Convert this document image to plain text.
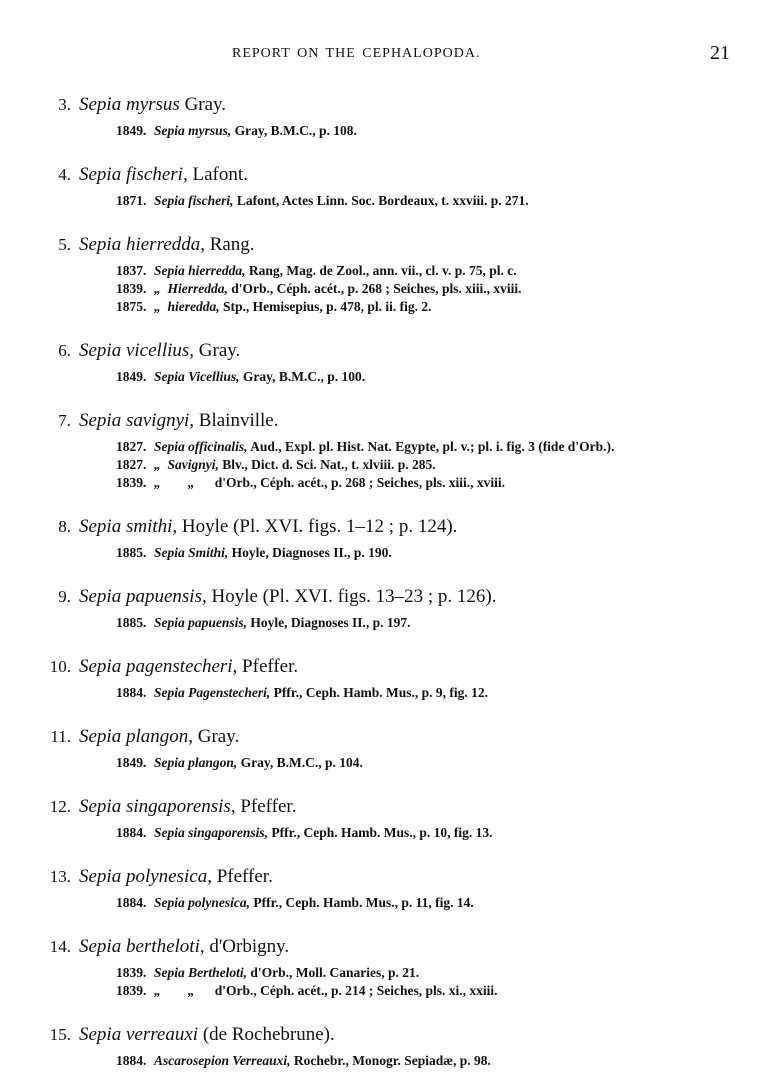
REPORT ON THE CEPHALOPODA.	21
3. Sepia myrsus Gray.
1849. Sepia myrsus, Gray, B.M.C., p. 108.
4. Sepia fischeri, Lafont.
1871. Sepia fischeri, Lafont, Actes Linn. Soc. Bordeaux, t. xxviii. p. 271.
5. Sepia hierredda, Rang.
1837. Sepia hierredda, Rang, Mag. de Zool., ann. vii., cl. v. p. 75, pl. c.
1839. „  Hierredda, d'Orb., Céph. acét., p. 268 ; Seiches, pls. xiii., xviii.
1875. „  hieredda, Stp., Hemisepius, p. 478, pl. ii. fig. 2.
6. Sepia vicellius, Gray.
1849. Sepia Vicellius, Gray, B.M.C., p. 100.
7. Sepia savignyi, Blainville.
1827. Sepia officinalis, Aud., Expl. pl. Hist. Nat. Egypte, pl. v.; pl. i. fig. 3 (fide d'Orb.).
1827. „  Savignyi, Blv., Dict. d. Sci. Nat., t. xlviii. p. 285.
1839. „        „      d'Orb., Céph. acét., p. 268 ; Seiches, pls. xiii., xviii.
8. Sepia smithi, Hoyle (Pl. XVI. figs. 1–12 ; p. 124).
1885. Sepia Smithi, Hoyle, Diagnoses II., p. 190.
9. Sepia papuensis, Hoyle (Pl. XVI. figs. 13–23 ; p. 126).
1885. Sepia papuensis, Hoyle, Diagnoses II., p. 197.
10. Sepia pagenstecheri, Pfeffer.
1884. Sepia Pagenstecheri, Pffr., Ceph. Hamb. Mus., p. 9, fig. 12.
11. Sepia plangon, Gray.
1849. Sepia plangon, Gray, B.M.C., p. 104.
12. Sepia singaporensis, Pfeffer.
1884. Sepia singaporensis, Pffr., Ceph. Hamb. Mus., p. 10, fig. 13.
13. Sepia polynesica, Pfeffer.
1884. Sepia polynesica, Pffr., Ceph. Hamb. Mus., p. 11, fig. 14.
14. Sepia bertheloti, d'Orbigny.
1839. Sepia Bertheloti, d'Orb., Moll. Canaries, p. 21.
1839. „        „      d'Orb., Céph. acét., p. 214 ; Seiches, pls. xi., xxiii.
15. Sepia verreauxi (de Rochebrune).
1884. Ascarosepion Verreauxi, Rochebr., Monogr. Sepiadæ, p. 98.
